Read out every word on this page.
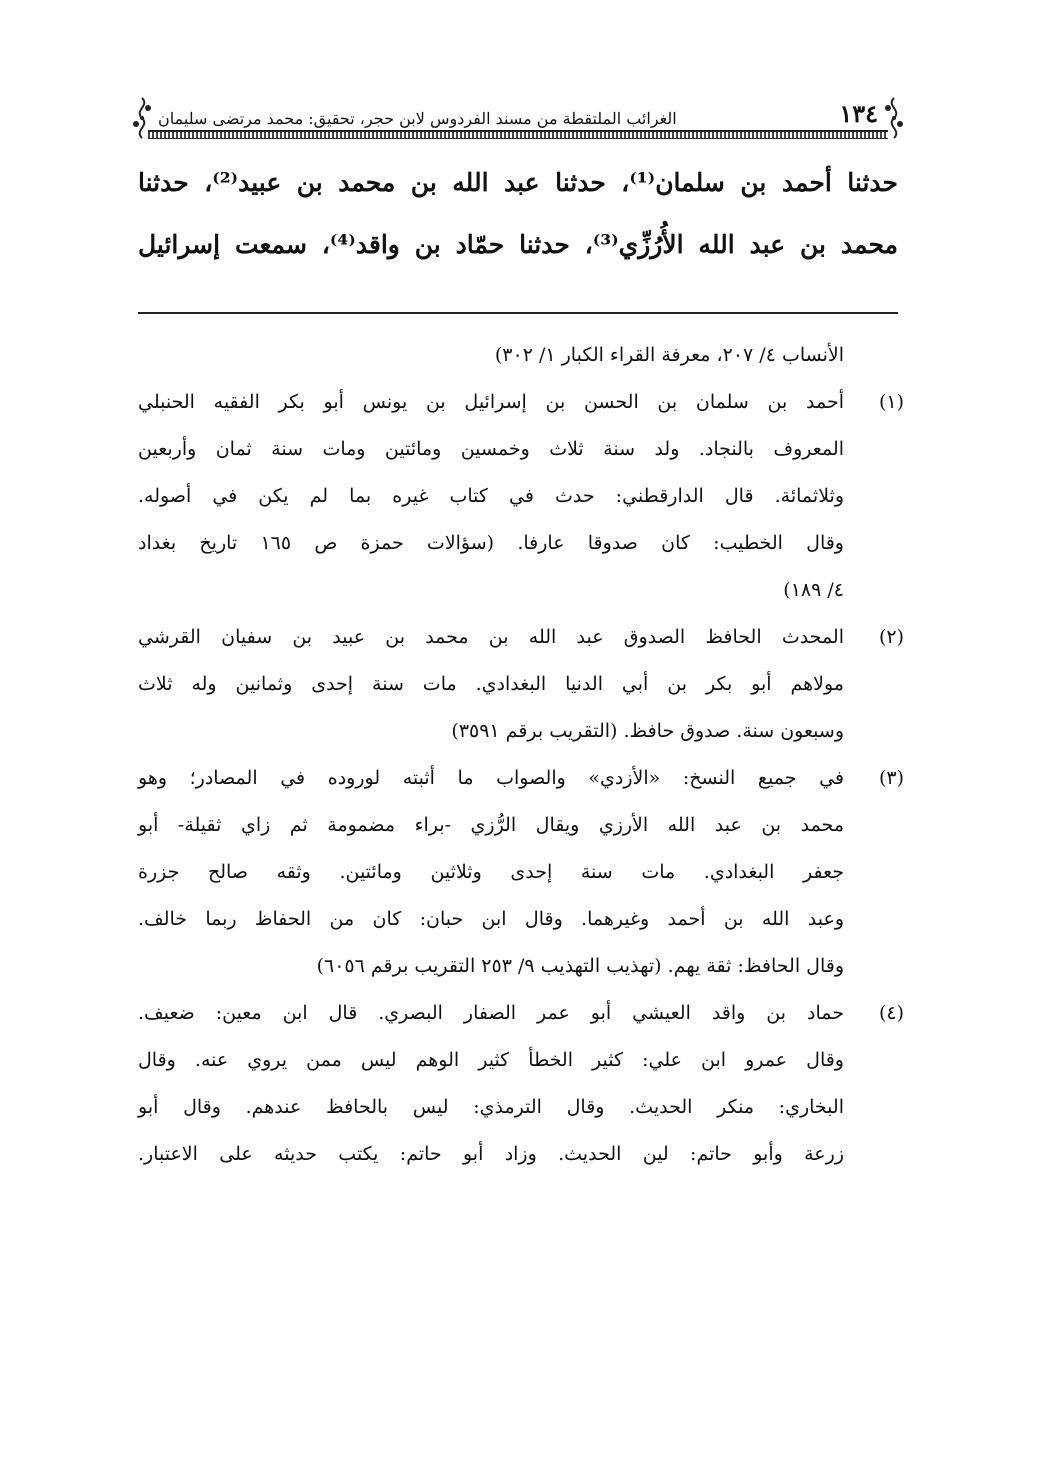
١٣٤
الغرائب الملتقطة من مسند الفردوس لابن حجر، تحقيق: محمد مرتضى سليمان
حدثنا أحمد بن سلمان⁽¹⁾، حدثنا عبد الله بن محمد بن عبيد⁽²⁾، حدثنا
محمد بن عبد الله الأُرُزِّي⁽³⁾، حدثنا حمّاد بن واقد⁽⁴⁾، سمعت إسرائيل
الأنساب ٤/ ٢٠٧، معرفة القراء الكبار ١/ ٣٠٢)
(١)
أحمد بن سلمان بن الحسن بن إسرائيل بن يونس أبو بكر الفقيه الحنبلي
المعروف بالنجاد. ولد سنة ثلاث وخمسين ومائتين ومات سنة ثمان وأربعين
وثلاثمائة. قال الدارقطني: حدث في كتاب غيره بما لم يكن في أصوله.
وقال الخطيب: كان صدوقا عارفا. (سؤالات حمزة ص ١٦٥ تاريخ بغداد
٤/ ١٨٩)
(٢)
المحدث الحافظ الصدوق عبد الله بن محمد بن عبيد بن سفيان القرشي
مولاهم أبو بكر بن أبي الدنيا البغدادي. مات سنة إحدى وثمانين وله ثلاث
وسبعون سنة. صدوق حافظ. (التقريب برقم ٣٥٩١)
(٣)
في جميع النسخ: «الأزدي» والصواب ما أثبته لوروده في المصادر؛ وهو
محمد بن عبد الله الأرزي ويقال الرُّزي -براء مضمومة ثم زاي ثقيلة- أبو
جعفر البغدادي. مات سنة إحدى وثلاثين ومائتين. وثقه صالح جزرة
وعبد الله بن أحمد وغيرهما. وقال ابن حبان: كان من الحفاظ ربما خالف.
وقال الحافظ: ثقة يهم. (تهذيب التهذيب ٩/ ٢٥٣ التقريب برقم ٦٠٥٦)
(٤)
حماد بن واقد العيشي أبو عمر الصفار البصري. قال ابن معين: ضعيف.
وقال عمرو ابن علي: كثير الخطأ كثير الوهم ليس ممن يروي عنه. وقال
البخاري: منكر الحديث. وقال الترمذي: ليس بالحافظ عندهم. وقال أبو
زرعة وأبو حاتم: لين الحديث. وزاد أبو حاتم: يكتب حديثه على الاعتبار.
